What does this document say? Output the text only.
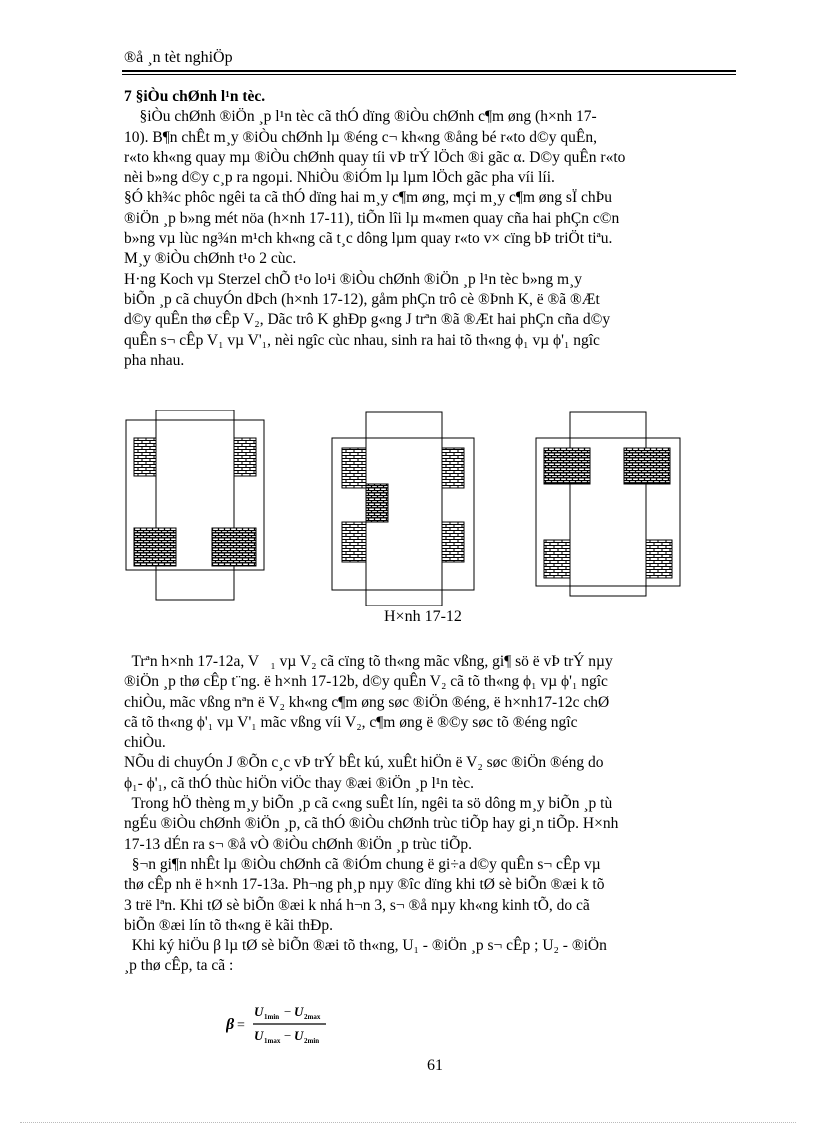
®å ¸n tèt nghiÖp
7 §iÒu chØnh l¹n tèc.
§iÒu chØnh ®iÖn ¸p l¹n tèc cã thÓ dïng ®iÒu chØnh c¶m øng (h×nh 17-
10). B¶n chÊt m¸y ®iÒu chØnh lµ ®éng c¬ kh«ng ®ång bé r«to d©y quÊn,
r«to kh«ng quay mµ ®iÒu chØnh quay tíi vÞ trÝ lÖch ®i gãc α. D©y quÊn r«to
nèi b»ng d©y c¸p ra ngoµi. NhiÒu ®iÓm lµ lµm lÖch gãc pha víi líi.
§Ó kh¾c phôc ngêi ta cã thÓ dïng hai m¸y c¶m øng, mçi m¸y c¶m øng sÏ chÞu
®iÖn ¸p b»ng mét nöa (h×nh 17-11), tiÕn lîi lµ m«men quay cña hai phÇn c©n
b»ng vµ lùc ng¾n m¹ch kh«ng cã t¸c dông lµm quay r«to v× cïng bÞ triÖt tiªu.
M¸y ®iÒu chØnh t¹o 2 cùc.
H·ng Koch vµ Sterzel chÕ t¹o lo¹i ®iÒu chØnh ®iÖn ¸p l¹n tèc b»ng m¸y
biÕn ¸p cã chuyÓn dÞch (h×nh 17-12), gåm phÇn trô cè ®Þnh K, ë ®ã ®Æt
d©y quÊn thø cÊp V₂, Dãc trô K ghÐp g«ng J trªn ®ã ®Æt hai phÇn cña d©y
quÊn s¬ cÊp V₁ vµ V'₁, nèi ngîc cùc nhau, sinh ra hai tõ th«ng ϕ₁ vµ ϕ'₁ ngîc
pha nhau.
H×nh 17-12
Trªn h×nh 17-12a, V   ₁ vµ V₂ cã cïng tõ th«ng mãc vßng, gi¶ sö ë vÞ trÝ nµy
®iÖn ¸p thø cÊp t¨ng. ë h×nh 17-12b, d©y quÊn V₂ cã tõ th«ng ϕ₁ vµ ϕ'₁ ngîc
chiÒu, mãc vßng nªn ë V₂ kh«ng c¶m øng søc ®iÖn ®éng, ë h×nh17-12c chØ
cã tõ th«ng ϕ'₁ vµ V'₁ mãc vßng víi V₂, c¶m øng ë ®©y søc tõ ®éng ngîc
chiÒu.
NÕu di chuyÓn J ®Õn c¸c vÞ trÝ bÊt kú, xuÊt hiÖn ë V₂ søc ®iÖn ®éng do
ϕ₁- ϕ'₁, cã thÓ thùc hiÖn viÖc thay ®æi ®iÖn ¸p l¹n tèc.
Trong hÖ thèng m¸y biÕn ¸p cã c«ng suÊt lín, ngêi ta sö dông m¸y biÕn ¸p tù
ngÉu ®iÒu chØnh ®iÖn ¸p, cã thÓ ®iÒu chØnh trùc tiÕp hay gi¸n tiÕp. H×nh
17-13 dÉn ra s¬ ®å vÒ ®iÒu chØnh ®iÖn ¸p trùc tiÕp.
§¬n gi¶n nhÊt lµ ®iÒu chØnh cã ®iÓm chung ë gi÷a d©y quÊn s¬ cÊp vµ
thø cÊp nh ë h×nh 17-13a. Ph¬ng ph¸p nµy ®îc dïng khi tØ sè biÕn ®æi k tõ
3 trë lªn. Khi tØ sè biÕn ®æi k nhá h¬n 3, s¬ ®å nµy kh«ng kinh tÕ, do cã
biÕn ®æi lín tõ th«ng ë kãi thÐp.
Khi ký hiÖu β lµ tØ sè biÕn ®æi tõ th«ng, U₁ - ®iÖn ¸p s¬ cÊp ; U₂ - ®iÖn
¸p thø cÊp, ta cã :
β =
U 1min − U 2max
U 1max − U 2min
61
